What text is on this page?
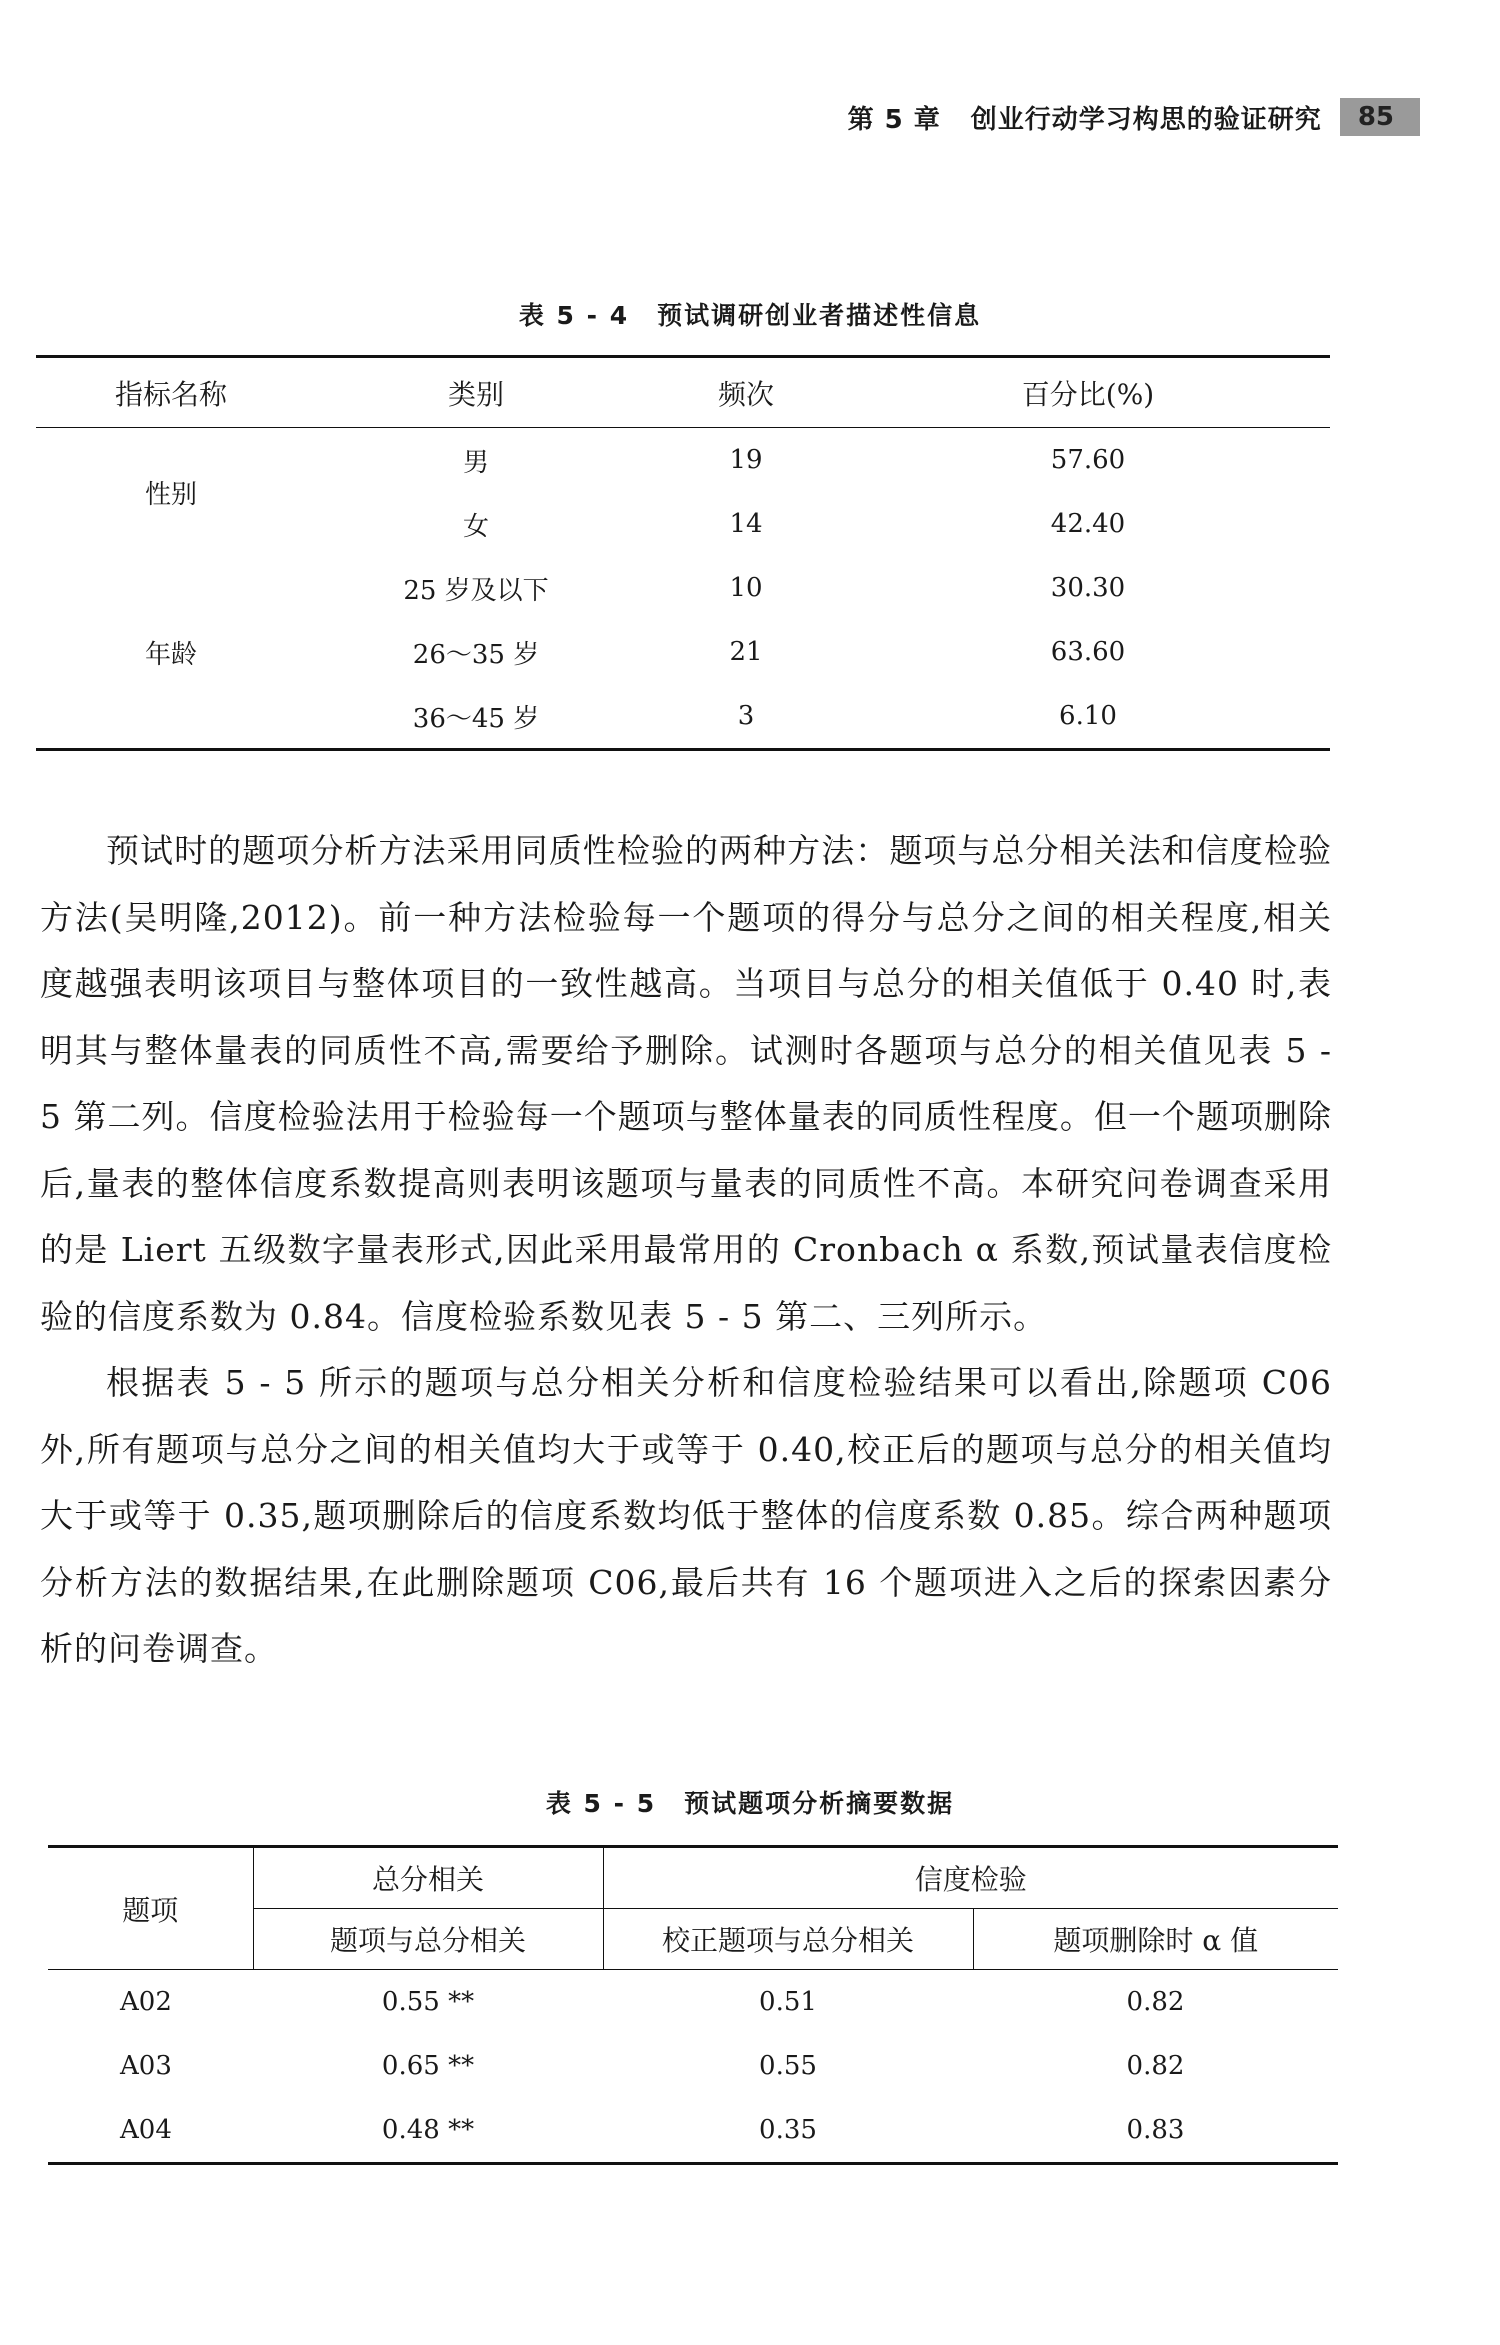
第 5 章 创业行动学习构思的验证研究	85
表 5 - 4 预试调研创业者描述性信息
指标名称	类别	频次	百分比(%)
性别	男	19	57.60
	女	14	42.40
年龄	25 岁及以下	10	30.30
	26～35 岁	21	63.60
	36～45 岁	3	6.10

预试时的题项分析方法采用同质性检验的两种方法：题项与总分相关法和信度检验方法(吴明隆,2012)。前一种方法检验每一个题项的得分与总分之间的相关程度,相关度越强表明该项目与整体项目的一致性越高。当项目与总分的相关值低于 0.40 时,表明其与整体量表的同质性不高,需要给予删除。试测时各题项与总分的相关值见表 5 - 5 第二列。信度检验法用于检验每一个题项与整体量表的同质性程度。但一个题项删除后,量表的整体信度系数提高则表明该题项与量表的同质性不高。本研究问卷调查采用的是 Liert 五级数字量表形式,因此采用最常用的 Cronbach α 系数,预试量表信度检验的信度系数为 0.84。信度检验系数见表 5 - 5 第二、三列所示。

根据表 5 - 5 所示的题项与总分相关分析和信度检验结果可以看出,除题项 C06 外,所有题项与总分之间的相关值均大于或等于 0.40,校正后的题项与总分的相关值均大于或等于 0.35,题项删除后的信度系数均低于整体的信度系数 0.85。综合两种题项分析方法的数据结果,在此删除题项 C06,最后共有 16 个题项进入之后的探索因素分析的问卷调查。

表 5 - 5 预试题项分析摘要数据
题项	总分相关	信度检验	
	题项与总分相关	校正题项与总分相关	题项删除时 α 值
A02	0.55 **	0.51	0.82
A03	0.65 **	0.55	0.82
A04	0.48 **	0.35	0.83
